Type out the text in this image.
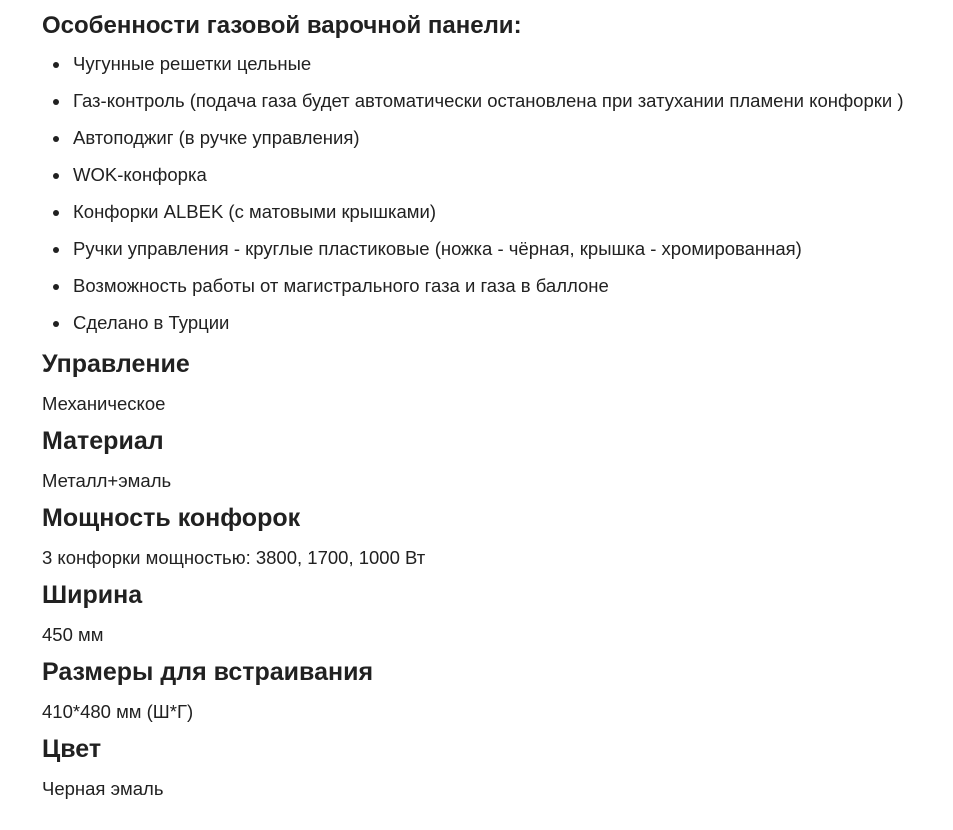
Особенности газовой варочной панели:
Чугунные решетки цельные
Газ-контроль (подача газа будет автоматически остановлена при затухании пламени конфорки )
Автоподжиг (в ручке управления)
WOK-конфорка
Конфорки ALBEK (с матовыми крышками)
Ручки управления - круглые пластиковые (ножка - чёрная, крышка - хромированная)
Возможность работы от магистрального газа и газа в баллоне
Сделано в Турции
Управление

Механическое

Материал

Металл+эмаль

Мощность конфорок

3 конфорки мощностью: 3800, 1700, 1000 Вт

Ширина

450 мм

Размеры для встраивания

410*480 мм (Ш*Г)

Цвет

Черная эмаль
